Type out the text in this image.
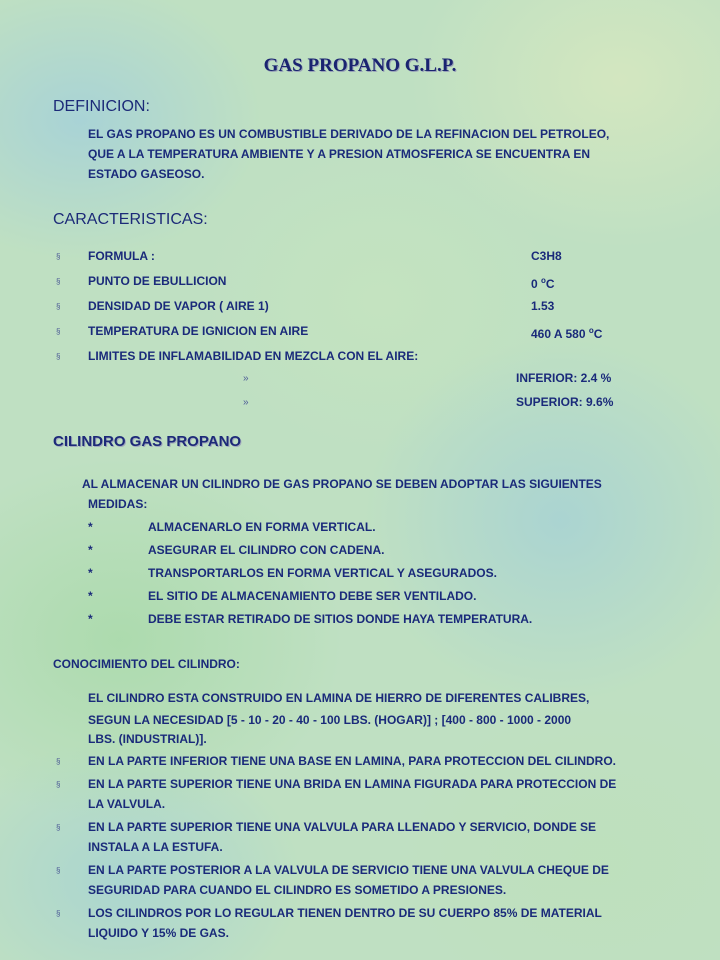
GAS PROPANO G.L.P.
DEFINICION:
EL GAS PROPANO ES UN COMBUSTIBLE DERIVADO DE LA REFINACION DEL PETROLEO,
QUE A LA TEMPERATURA AMBIENTE Y A PRESION ATMOSFERICA SE ENCUENTRA EN
ESTADO GASEOSO.
CARACTERISTICAS:
§ FORMULA :	C3H8
§ PUNTO DE EBULLICION	0 $^o$C
§ DENSIDAD DE VAPOR ( AIRE 1)	1.53
§ TEMPERATURA DE IGNICION EN AIRE	460 A 580 $^o$C
§ LIMITES DE INFLAMABILIDAD EN MEZCLA CON EL AIRE:
»	INFERIOR: 2.4 %
»	SUPERIOR: 9.6%
CILINDRO GAS PROPANO
AL ALMACENAR UN CILINDRO DE GAS PROPANO SE DEBEN ADOPTAR LAS SIGUIENTES
MEDIDAS:
*	ALMACENARLO EN FORMA VERTICAL.
*	ASEGURAR EL CILINDRO CON CADENA.
*	TRANSPORTARLOS EN FORMA VERTICAL Y ASEGURADOS.
*	EL SITIO DE ALMACENAMIENTO DEBE SER VENTILADO.
*	DEBE ESTAR RETIRADO DE SITIOS DONDE HAYA TEMPERATURA.
CONOCIMIENTO DEL CILINDRO:
EL CILINDRO ESTA CONSTRUIDO EN LAMINA DE HIERRO DE DIFERENTES CALIBRES,
SEGUN LA NECESIDAD [5 - 10 - 20 - 40 - 100 LBS. (HOGAR)] ; [400 - 800 - 1000 - 2000
LBS. (INDUSTRIAL)].
§ EN LA PARTE INFERIOR TIENE UNA BASE EN LAMINA, PARA PROTECCION DEL CILINDRO.
§ EN LA PARTE SUPERIOR TIENE UNA BRIDA EN LAMINA FIGURADA PARA PROTECCION DE
LA VALVULA.
§ EN LA PARTE SUPERIOR TIENE UNA VALVULA PARA LLENADO Y SERVICIO, DONDE SE
INSTALA A LA ESTUFA.
§ EN LA PARTE POSTERIOR A LA VALVULA DE SERVICIO TIENE UNA VALVULA CHEQUE DE
SEGURIDAD PARA CUANDO EL CILINDRO ES SOMETIDO A PRESIONES.
§ LOS CILINDROS POR LO REGULAR TIENEN DENTRO DE SU CUERPO 85% DE MATERIAL
LIQUIDO Y 15% DE GAS.
